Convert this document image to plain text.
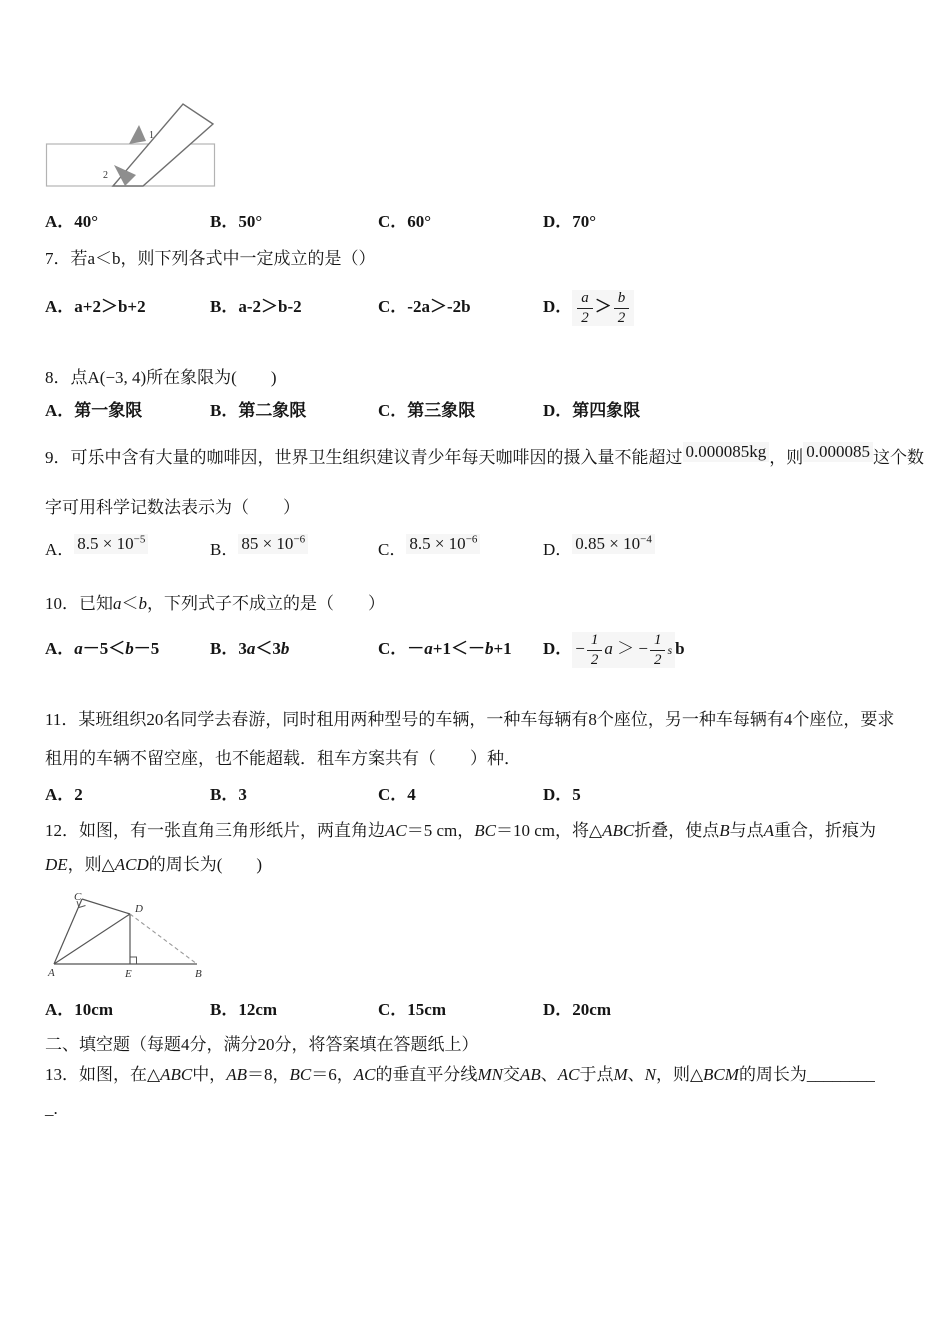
1
2
A．40°	B．50°	C．60°	D．70°
7．若a＜b，则下列各式中一定成立的是（）
A．a+2＞b+2	B．a-2＞b-2	C．-2a＞-2b	D． $\frac{a}{2} > \frac{b}{2}$
8．点A(−3, 4)所在象限为(　　)
A．第一象限	B．第二象限	C．第三象限	D．第四象限
9．可乐中含有大量的咖啡因，世界卫生组织建议青少年每天咖啡因的摄入量不能超过 0.000085kg ，则 0.000085 这个数
字可用科学记数法表示为（　　）
A． $8.5 \times 10^{-5}$
B． $85 \times 10^{-6}$
C． $8.5 \times 10^{-6}$
D． $0.85 \times 10^{-4}$
10．已知a＜b，下列式子不成立的是（　　）
A．a－5＜b－5	B．3a＜3b	C．－a+1＜－b+1 D． − $\frac{1}{2}$ a ＞ − $\frac{1}{2}$ s b
11．某班组织20名同学去春游，同时租用两种型号的车辆，一种车每辆有8个座位，另一种车每辆有4个座位，要求
租用的车辆不留空座，也不能超载．租车方案共有（　　）种．
A．2	B．3	C．4	D．5
12．如图，有一张直角三角形纸片，两直角边AC＝5 cm，BC＝10 cm，将△ABC折叠，使点B与点A重合，折痕为
DE，则△ACD的周长为(　　)
C
D
A	E	B
A．10cm	B．12cm	C．15cm	D．20cm
二、填空题（每题4分，满分20分，将答案填在答题纸上）
13．如图，在△ABC中，AB＝8，BC＝6，AC的垂直平分线MN交AB、AC于点M、N，则△BCM的周长为________
_.
